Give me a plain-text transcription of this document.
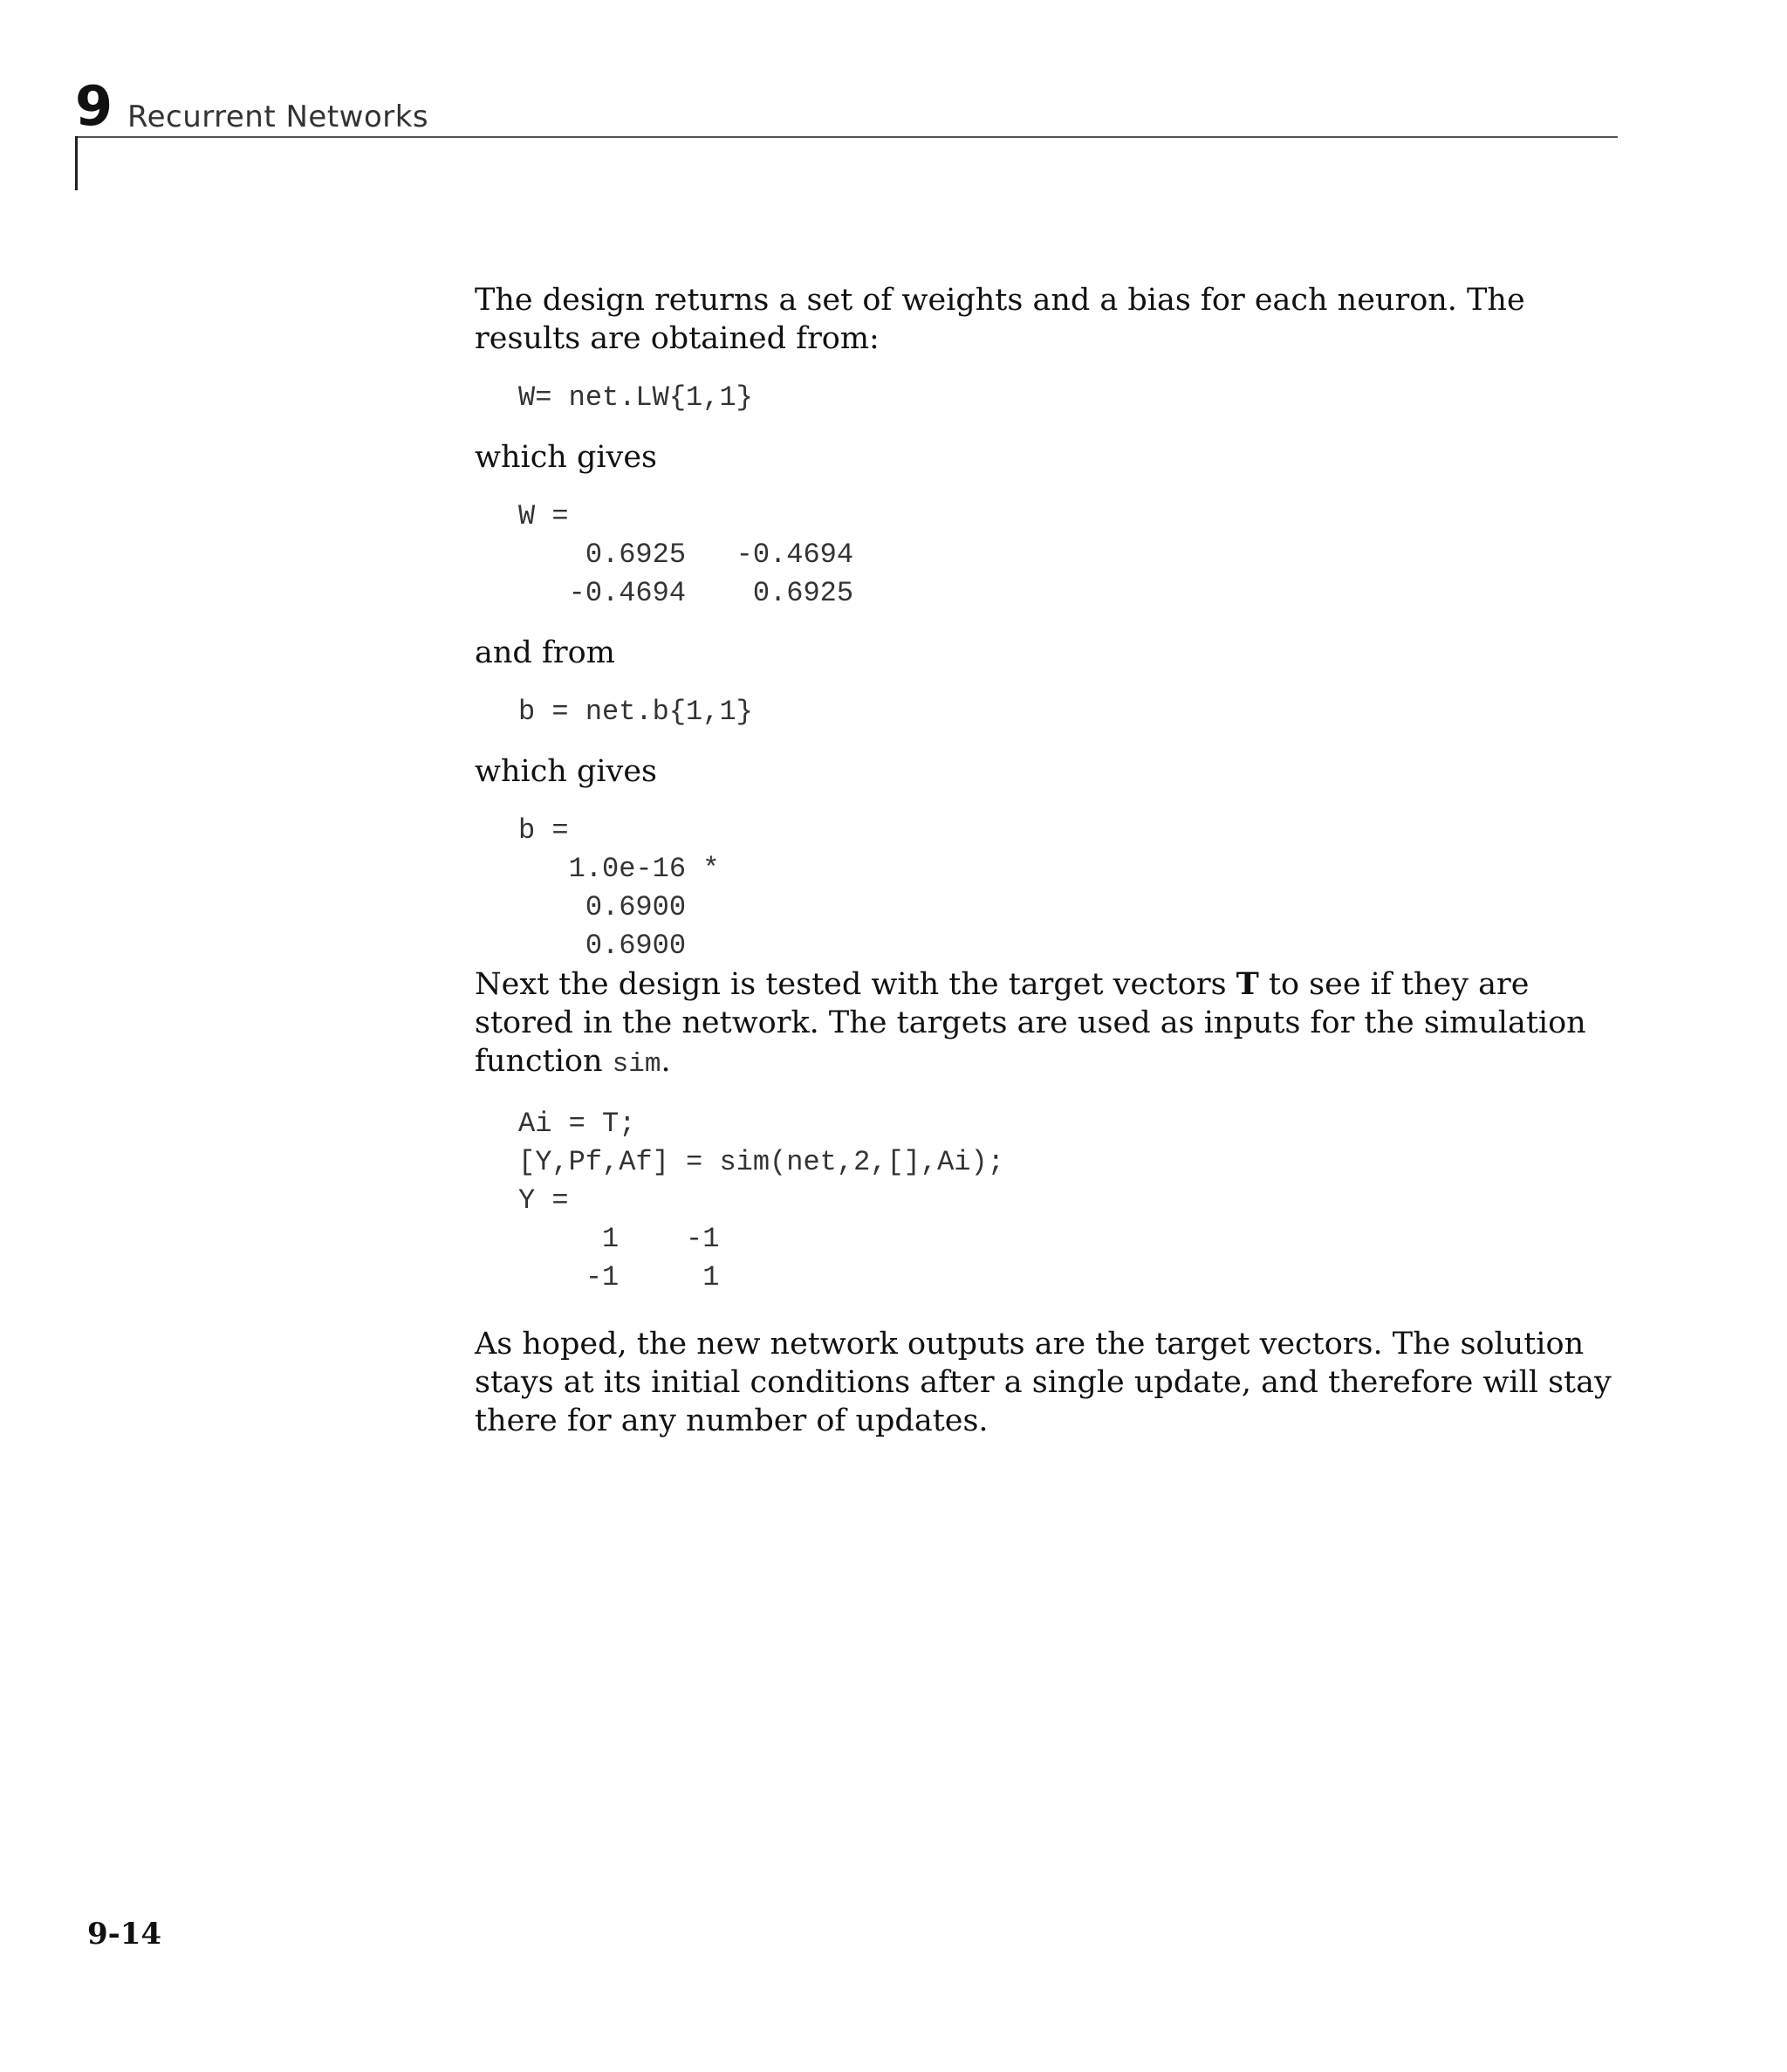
9 Recurrent Networks

The design returns a set of weights and a bias for each neuron. The results are obtained from:

W= net.LW{1,1}

which gives

W =
0.6925   -0.4694
-0.4694    0.6925

and from

b = net.b{1,1}

which gives

b =
1.0e-16 *
0.6900
0.6900

Next the design is tested with the target vectors T to see if they are stored in the network. The targets are used as inputs for the simulation function sim.

Ai = T;
[Y,Pf,Af] = sim(net,2,[],Ai);
Y =
1    -1
-1     1

As hoped, the new network outputs are the target vectors. The solution stays at its initial conditions after a single update, and therefore will stay there for any number of updates.

9-14
